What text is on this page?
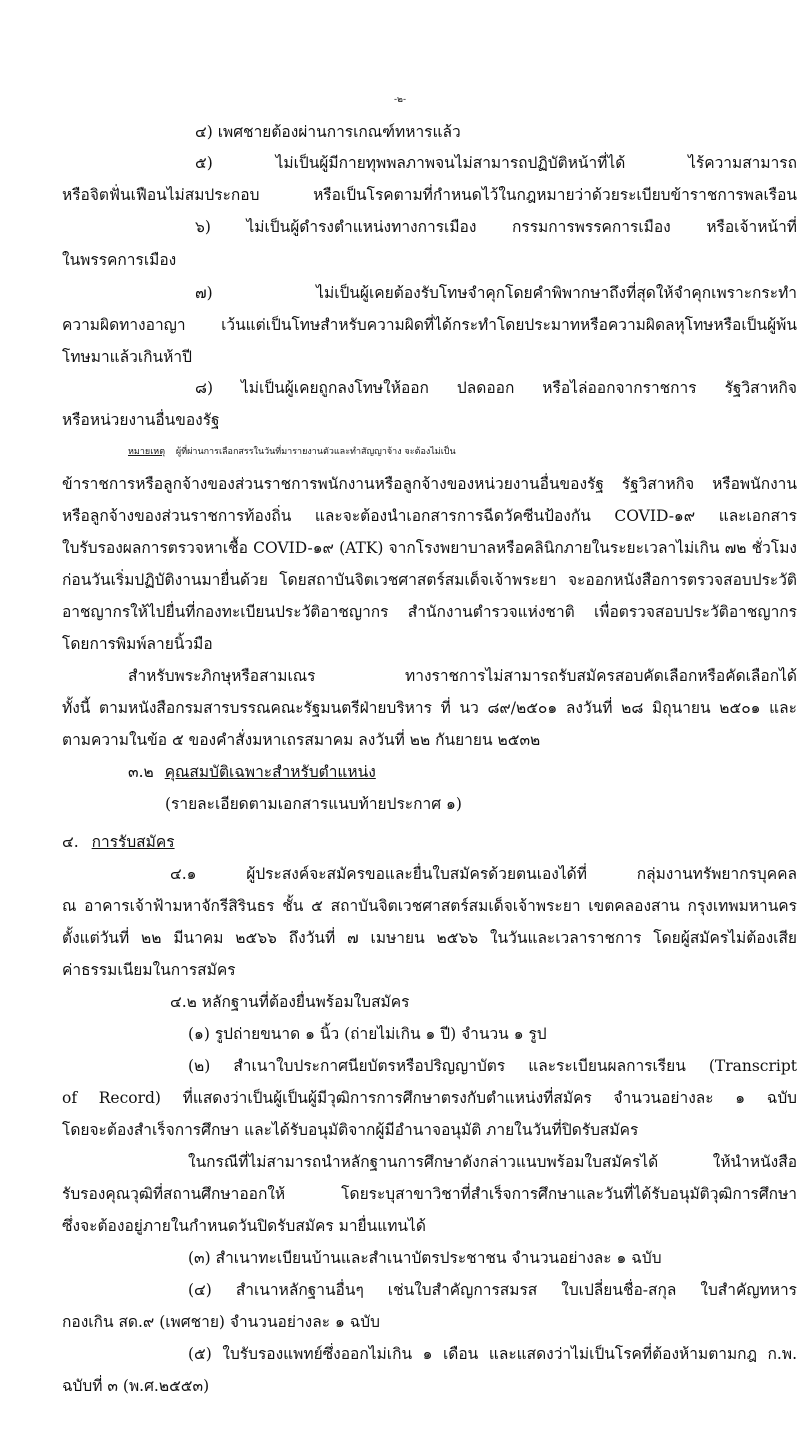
-๒-
๔) เพศชายต้องผ่านการเกณฑ์ทหารแล้ว
๕) ไม่เป็นผู้มีกายทุพพลภาพจนไม่สามารถปฏิบัติหน้าที่ได้ ไร้ความสามารถ
หรือจิตฟั่นเฟือนไม่สมประกอบ หรือเป็นโรคตามที่กำหนดไว้ในกฎหมายว่าด้วยระเบียบข้าราชการพลเรือน
๖) ไม่เป็นผู้ดำรงตำแหน่งทางการเมือง กรรมการพรรคการเมือง หรือเจ้าหน้าที่
ในพรรคการเมือง
๗) ไม่เป็นผู้เคยต้องรับโทษจำคุกโดยคำพิพากษาถึงที่สุดให้จำคุกเพราะกระทำ
ความผิดทางอาญา เว้นแต่เป็นโทษสำหรับความผิดที่ได้กระทำโดยประมาทหรือความผิดลหุโทษหรือเป็นผู้พ้น
โทษมาแล้วเกินห้าปี
๘) ไม่เป็นผู้เคยถูกลงโทษให้ออก ปลดออก หรือไล่ออกจากราชการ รัฐวิสาหกิจ
หรือหน่วยงานอื่นของรัฐ
หมายเหตุ ผู้ที่ผ่านการเลือกสรรในวันที่มารายงานตัวและทำสัญญาจ้าง จะต้องไม่เป็น
ข้าราชการหรือลูกจ้างของส่วนราชการพนักงานหรือลูกจ้างของหน่วยงานอื่นของรัฐ รัฐวิสาหกิจ หรือพนักงาน
หรือลูกจ้างของส่วนราชการท้องถิ่น และจะต้องนำเอกสารการฉีดวัคซีนป้องกัน COVID-๑๙ และเอกสาร
ใบรับรองผลการตรวจหาเชื้อ COVID-๑๙ (ATK) จากโรงพยาบาลหรือคลินิกภายในระยะเวลาไม่เกิน ๗๒ ชั่วโมง
ก่อนวันเริ่มปฏิบัติงานมายื่นด้วย โดยสถาบันจิตเวชศาสตร์สมเด็จเจ้าพระยา จะออกหนังสือการตรวจสอบประวัติ
อาชญากรให้ไปยื่นที่กองทะเบียนประวัติอาชญากร สำนักงานตำรวจแห่งชาติ เพื่อตรวจสอบประวัติอาชญากร
โดยการพิมพ์ลายนิ้วมือ
สำหรับพระภิกษุหรือสามเณร ทางราชการไม่สามารถรับสมัครสอบคัดเลือกหรือคัดเลือกได้
ทั้งนี้ ตามหนังสือกรมสารบรรณคณะรัฐมนตรีฝ่ายบริหาร ที่ นว ๘๙/๒๕๐๑ ลงวันที่ ๒๘ มิถุนายน ๒๕๐๑ และ
ตามความในข้อ ๕ ของคำสั่งมหาเถรสมาคม ลงวันที่ ๒๒ กันยายน ๒๕๓๒
๓.๒ คุณสมบัติเฉพาะสำหรับตำแหน่ง
(รายละเอียดตามเอกสารแนบท้ายประกาศ ๑)
๔. การรับสมัคร
๔.๑ ผู้ประสงค์จะสมัครขอและยื่นใบสมัครด้วยตนเองได้ที่ กลุ่มงานทรัพยากรบุคคล
ณ อาคารเจ้าฟ้ามหาจักรีสิรินธร ชั้น ๕ สถาบันจิตเวชศาสตร์สมเด็จเจ้าพระยา เขตคลองสาน กรุงเทพมหานคร
ตั้งแต่วันที่ ๒๒ มีนาคม ๒๕๖๖ ถึงวันที่ ๗ เมษายน ๒๕๖๖ ในวันและเวลาราชการ โดยผู้สมัครไม่ต้องเสีย
ค่าธรรมเนียมในการสมัคร
๔.๒ หลักฐานที่ต้องยื่นพร้อมใบสมัคร
(๑) รูปถ่ายขนาด ๑ นิ้ว (ถ่ายไม่เกิน ๑ ปี) จำนวน ๑ รูป
(๒) สำเนาใบประกาศนียบัตรหรือปริญญาบัตร และระเบียนผลการเรียน (Transcript
of Record) ที่แสดงว่าเป็นผู้เป็นผู้มีวุฒิการการศึกษาตรงกับตำแหน่งที่สมัคร จำนวนอย่างละ ๑ ฉบับ
โดยจะต้องสำเร็จการศึกษา และได้รับอนุมัติจากผู้มีอำนาจอนุมัติ ภายในวันที่ปิดรับสมัคร
ในกรณีที่ไม่สามารถนำหลักฐานการศึกษาดังกล่าวแนบพร้อมใบสมัครได้ ให้นำหนังสือ
รับรองคุณวุฒิที่สถานศึกษาออกให้ โดยระบุสาขาวิชาที่สำเร็จการศึกษาและวันที่ได้รับอนุมัติวุฒิการศึกษา
ซึ่งจะต้องอยู่ภายในกำหนดวันปิดรับสมัคร มายื่นแทนได้
(๓) สำเนาทะเบียนบ้านและสำเนาบัตรประชาชน จำนวนอย่างละ ๑ ฉบับ
(๔) สำเนาหลักฐานอื่นๆ เช่นใบสำคัญการสมรส ใบเปลี่ยนชื่อ-สกุล ใบสำคัญทหาร
กองเกิน สด.๙ (เพศชาย) จำนวนอย่างละ ๑ ฉบับ
(๕) ใบรับรองแพทย์ซึ่งออกไม่เกิน ๑ เดือน และแสดงว่าไม่เป็นโรคที่ต้องห้ามตามกฎ ก.พ.
ฉบับที่ ๓ (พ.ศ.๒๕๕๓)
